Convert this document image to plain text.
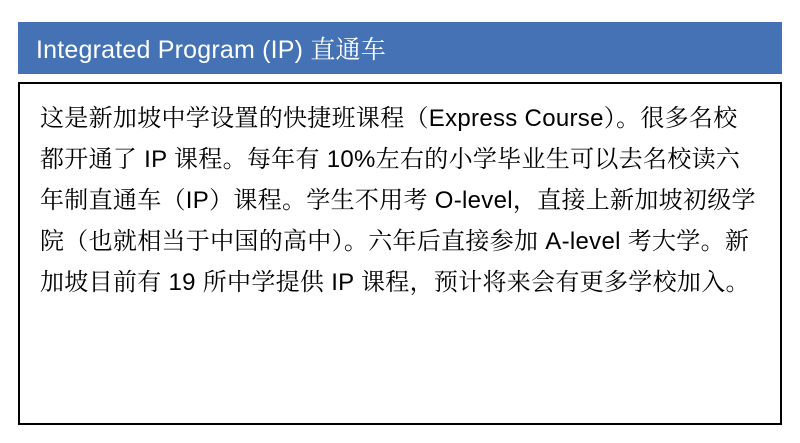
Integrated Program (IP) 直通车
这是新加坡中学设置的快捷班课程（Express Course）。很多名校都开通了 IP 课程。每年有 10%左右的小学毕业生可以去名校读六年制直通车（IP）课程。学生不用考 O-level，直接上新加坡初级学院（也就相当于中国的高中）。六年后直接参加 A-level 考大学。新加坡目前有 19 所中学提供 IP 课程，预计将来会有更多学校加入。
